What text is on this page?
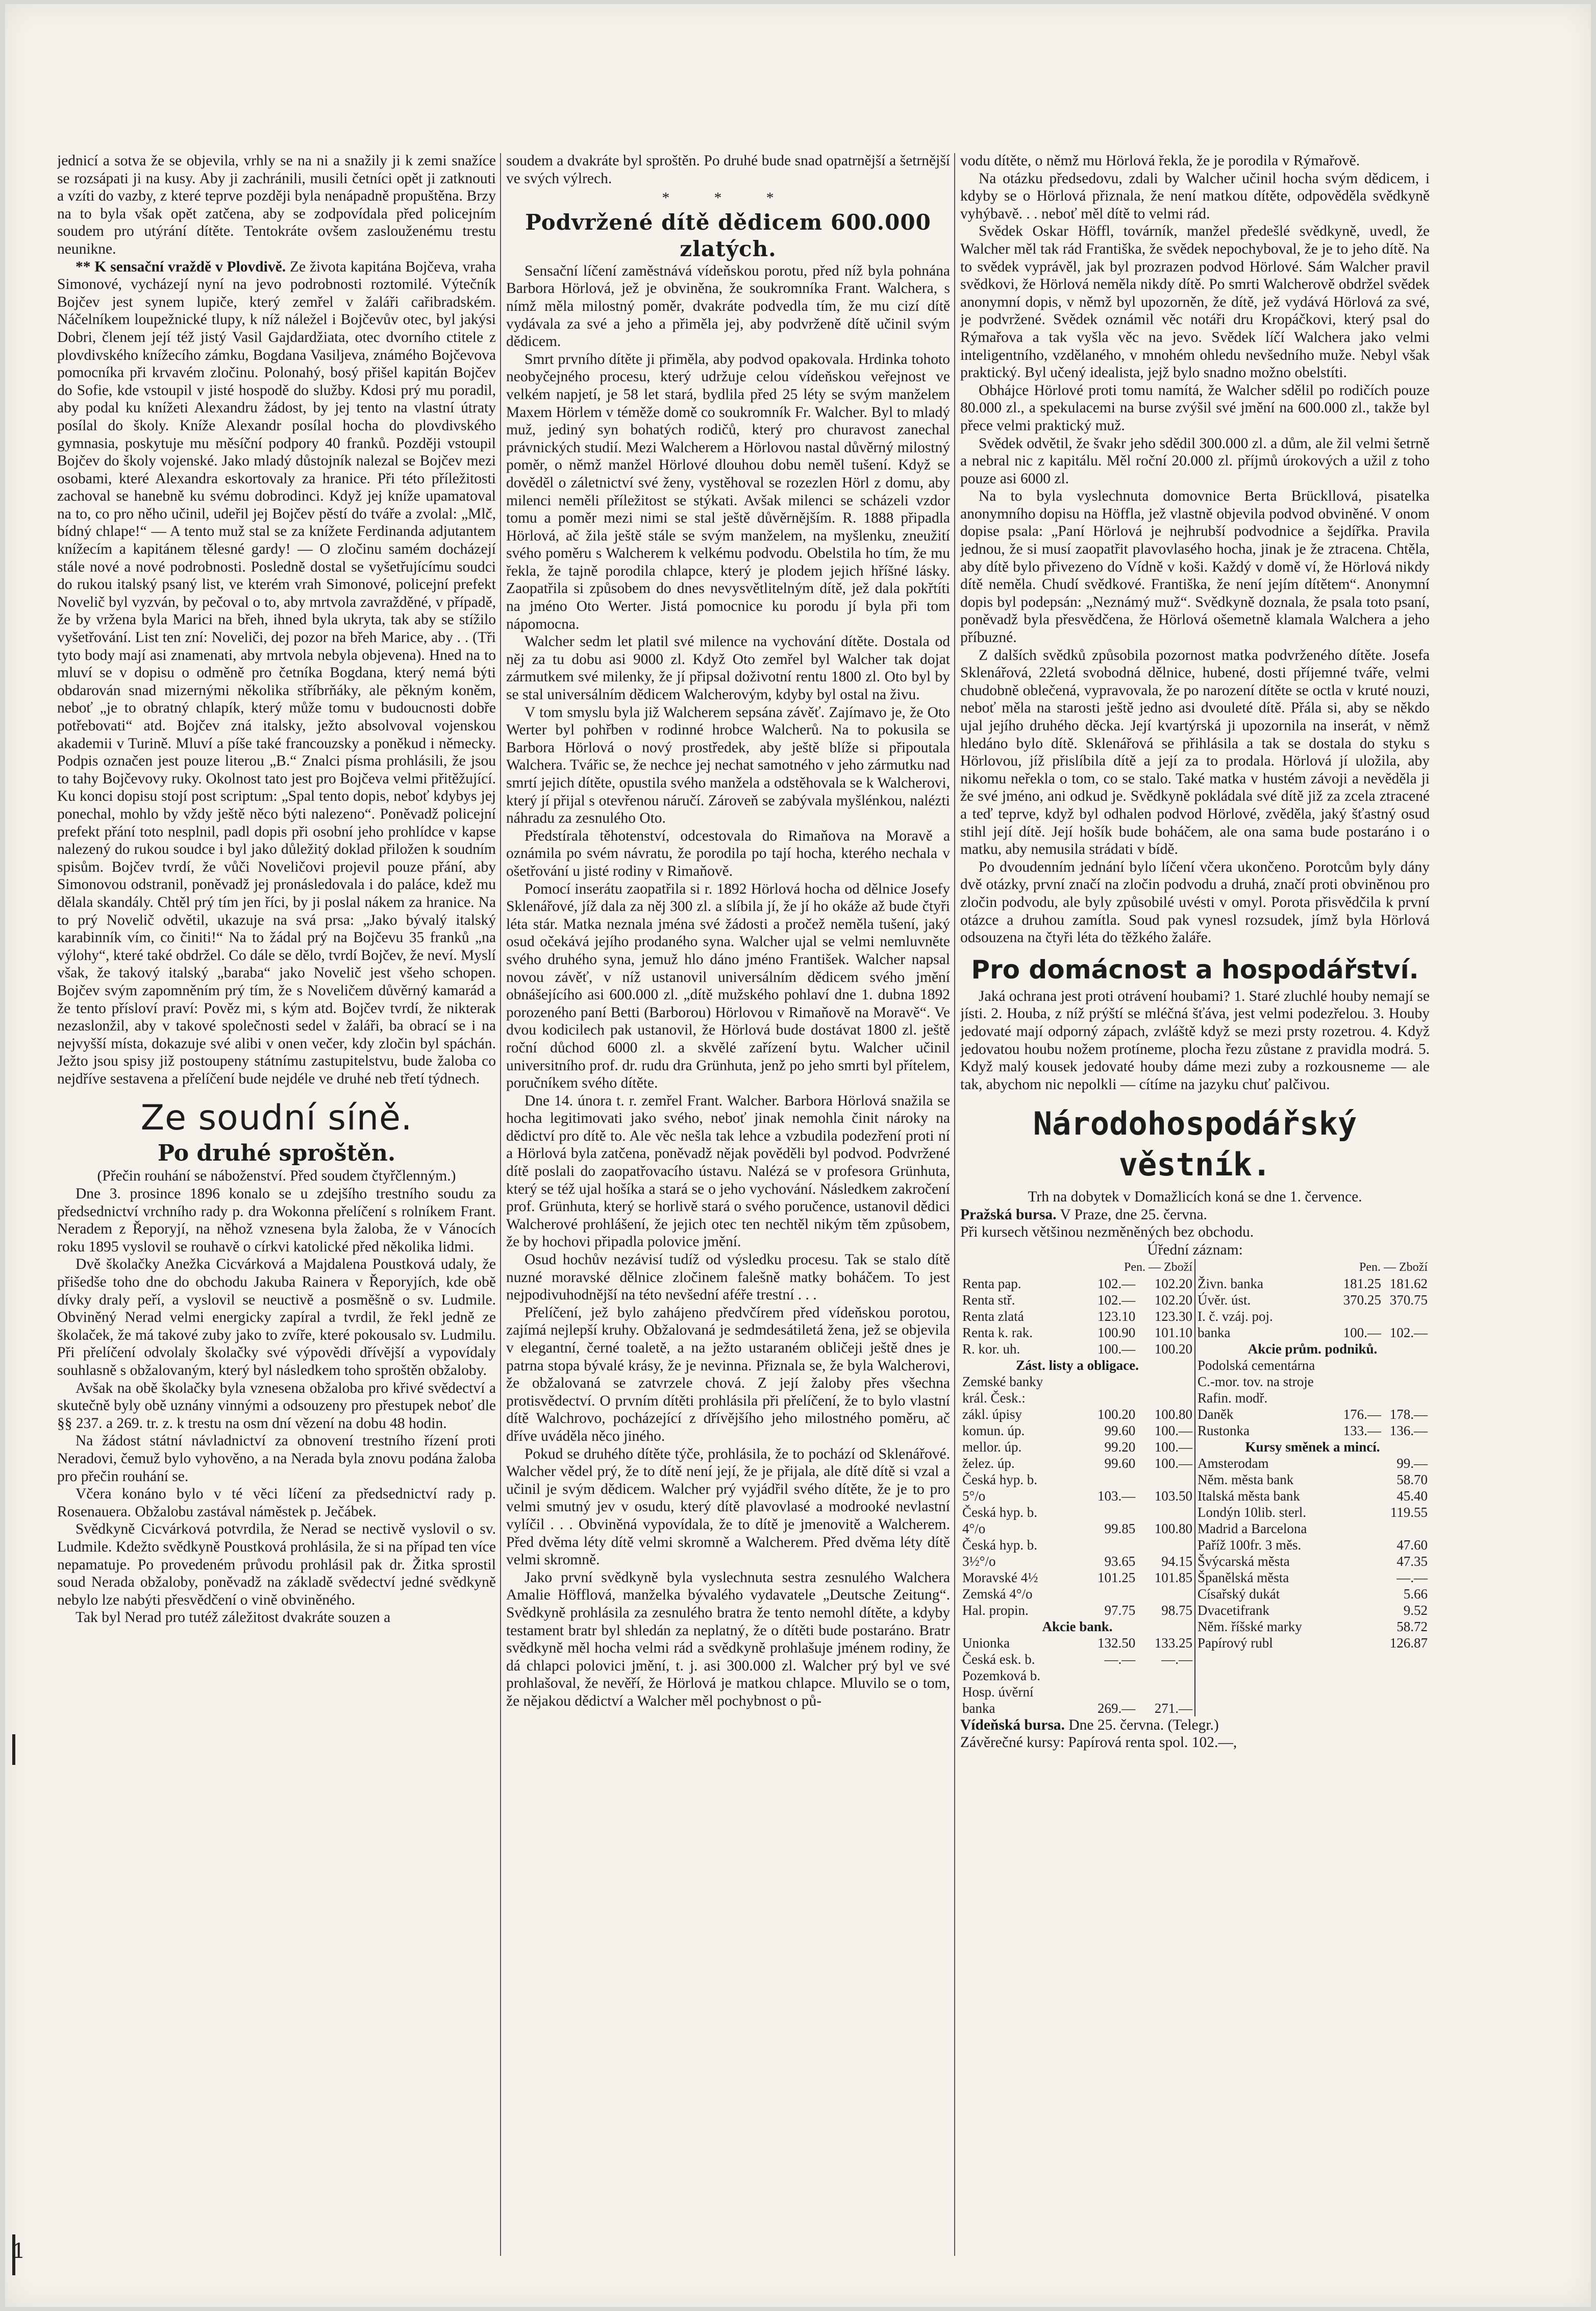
jednicí a sotva že se objevila, vrhly se na ni a snažily ji k zemi snažíce se rozsápati ji na kusy. Aby ji zachránili, musili četníci opět ji zatknouti a vzíti do vazby, z které teprve později byla nenápadně propuštěna. Brzy na to byla však opět zatčena, aby se zodpovídala před policejním soudem pro utýrání dítěte. Tentokráte ovšem zaslouženému trestu neunikne.

** K sensační vraždě v Plovdivě. Ze života kapitána Bojčeva, vraha Simonové, vycházejí nyní na jevo podrobnosti roztomilé. Výtečník Bojčev jest synem lupiče, který zemřel v žaláři cařibradském. Náčelníkem loupežnické tlupy, k níž náležel i Bojčevův otec, byl jakýsi Dobri, členem její též jistý Vasil Gajdardžiata, otec dvorního ctitele z plovdivského knížecího zámku, Bogdana Vasiljeva, známého Bojčevova pomocníka při krvavém zločinu. Polonahý, bosý přišel kapitán Bojčev do Sofie, kde vstoupil v jisté hospodě do služby. Kdosi prý mu poradil, aby podal ku knížeti Alexandru žádost, by jej tento na vlastní útraty posílal do školy. Kníže Alexandr posílal hocha do plovdivského gymnasia, poskytuje mu měsíční podpory 40 franků. Později vstoupil Bojčev do školy vojenské. Jako mladý důstojník nalezal se Bojčev mezi osobami, které Alexandra eskortovaly za hranice. Při této příležitosti zachoval se hanebně ku svému dobrodinci. Když jej kníže upamatoval na to, co pro něho učinil, udeřil jej Bojčev pěstí do tváře a zvolal: „Mlč, bídný chlape!“ — A tento muž stal se za knížete Ferdinanda adjutantem knížecím a kapitánem tělesné gardy! — O zločinu samém docházejí stále nové a nové podrobnosti. Posledně dostal se vyšetřujícímu soudci do rukou italský psaný list, ve kterém vrah Simonové, policejní prefekt Novelič byl vyzván, by pečoval o to, aby mrtvola zavražděné, v případě, že by vržena byla Marici na břeh, ihned byla ukryta, tak aby se stížilo vyšetřování. List ten zní: Noveliči, dej pozor na břeh Marice, aby . . (Tři tyto body mají asi znamenati, aby mrtvola nebyla objevena). Hned na to mluví se v dopisu o odměně pro četníka Bogdana, který nemá býti obdarován snad mizernými několika stříbrňáky, ale pěkným koněm, neboť „je to obratný chlapík, který může tomu v budoucnosti dobře potřebovati“ atd. Bojčev zná italsky, ježto absolvoval vojenskou akademii v Turině. Mluví a píše také francouzsky a poněkud i německy. Podpis označen jest pouze literou „B.“ Znalci písma prohlásili, že jsou to tahy Bojčevovy ruky. Okolnost tato jest pro Bojčeva velmi přitěžující. Ku konci dopisu stojí post scriptum: „Spal tento dopis, neboť kdybys jej ponechal, mohlo by vždy ještě něco býti nalezeno“. Poněvadž policejní prefekt přání toto nesplnil, padl dopis při osobní jeho prohlídce v kapse nalezený do rukou soudce i byl jako důležitý doklad přiložen k soudním spisům. Bojčev tvrdí, že vůči Noveličovi projevil pouze přání, aby Simonovou odstranil, poněvadž jej pronásledovala i do paláce, kdež mu dělala skandály. Chtěl prý tím jen říci, by ji poslal nákem za hranice. Na to prý Novelič odvětil, ukazuje na svá prsa: „Jako bývalý italský karabinník vím, co činiti!“ Na to žádal prý na Bojčevu 35 franků „na výlohy“, které také obdržel. Co dále se dělo, tvrdí Bojčev, že neví. Myslí však, že takový italský „baraba“ jako Novelič jest všeho schopen. Bojčev svým zapomněním prý tím, že s Noveličem důvěrný kamarád a že tento přísloví praví: Pověz mi, s kým atd. Bojčev tvrdí, že nikterak nezaslonžil, aby v takové společnosti sedel v žaláři, ba obrací se i na nejvyšší místa, dokazuje své alibi v onen večer, kdy zločin byl spáchán. Ježto jsou spisy již postoupeny státnímu zastupitelstvu, bude žaloba co nejdříve sestavena a přelíčení bude nejdéle ve druhé neb třetí týdnech.

Ze soudní síně.
Po druhé sproštěn.

(Přečin rouhání se náboženství. Před soudem čtyřčlenným.)

Dne 3. prosince 1896 konalo se u zdejšího trestního soudu za předsednictví vrchního rady p. dra Wokonna přelíčení s rolníkem Frant. Neradem z Řeporyjí, na něhož vznesena byla žaloba, že v Vánocích roku 1895 vyslovil se rouhavě o církvi katolické před několika lidmi.

Dvě školačky Anežka Cicvárková a Majdalena Poustková udaly, že přišedše toho dne do obchodu Jakuba Rainera v Řeporyjích, kde obě dívky draly peří, a vyslovil se neuctivě a posměšně o sv. Ludmile. Obviněný Nerad velmi energicky zapíral a tvrdil, že řekl jedně ze školaček, že má takové zuby jako to zvíře, které pokousalo sv. Ludmilu. Při přelíčení odvolaly školačky své výpovědi dřívější a vypovídaly souhlasně s obžalovaným, který byl následkem toho sproštěn obžaloby.

Avšak na obě školačky byla vznesena obžaloba pro křivé svědectví a skutečně byly obě uznány vinnými a odsouzeny pro přestupek neboť dle §§ 237. a 269. tr. z. k trestu na osm dní vězení na dobu 48 hodin.

Na žádost státní návladnictví za obnovení trestního řízení proti Neradovi, čemuž bylo vyhověno, a na Nerada byla znovu podána žaloba pro přečin rouhání se.

Včera konáno bylo v té věci líčení za předsednictví rady p. Rosenauera. Obžalobu zastával náměstek p. Ječábek.

Svědkyně Cicvárková potvrdila, že Nerad se nectivě vyslovil o sv. Ludmile. Kdežto svědkyně Poustková prohlásila, že si na případ ten více nepamatuje. Po provedeném průvodu prohlásil pak dr. Žitka sprostil soud Nerada obžaloby, poněvadž na základě svědectví jedné svědkyně nebylo lze nabýti přesvědčení o vině obviněného.

Tak byl Nerad pro tutéž záležitost dvakráte souzen a

soudem a dvakráte byl sproštěn. Po druhé bude snad opatrnější a šetrnější ve svých výlrech.

* * *

Podvržené dítě dědicem 600.000 zlatých.

Sensační líčení zaměstnává vídeňskou porotu, před níž byla pohnána Barbora Hörlová, jež je obviněna, že soukromníka Frant. Walchera, s nímž měla milostný poměr, dvakráte podvedla tím, že mu cizí dítě vydávala za své a jeho a přiměla jej, aby podvrženě dítě učinil svým dědicem.

Smrt prvního dítěte ji přiměla, aby podvod opakovala. Hrdinka tohoto neobyčejného procesu, který udržuje celou vídeňskou veřejnost ve velkém napjetí, je 58 let stará, bydlila před 25 léty se svým manželem Maxem Hörlem v téměže domě co soukromník Fr. Walcher. Byl to mladý muž, jediný syn bohatých rodičů, který pro churavost zanechal právnických studií. Mezi Walcherem a Hörlovou nastal důvěrný milostný poměr, o němž manžel Hörlové dlouhou dobu neměl tušení. Když se dověděl o záletnictví své ženy, vystěhoval se rozezlen Hörl z domu, aby milenci neměli příležitost se stýkati. Avšak milenci se scházeli vzdor tomu a poměr mezi nimi se stal ještě důvěrnějším. R. 1888 připadla Hörlová, ač žila ještě stále se svým manželem, na myšlenku, zneužití svého poměru s Walcherem k velkému podvodu. Obelstila ho tím, že mu řekla, že tajně porodila chlapce, který je plodem jejich hříšné lásky. Zaopatřila si způsobem do dnes nevysvětlitelným dítě, jež dala pokřtíti na jméno Oto Werter. Jistá pomocnice ku porodu jí byla při tom nápomocna.

Walcher sedm let platil své milence na vychování dítěte. Dostala od něj za tu dobu asi 9000 zl. Když Oto zemřel byl Walcher tak dojat zármutkem své milenky, že jí připsal doživotní rentu 1800 zl. Oto byl by se stal universálním dědicem Walcherovým, kdyby byl ostal na živu.

V tom smyslu byla již Walcherem sepsána závěť. Zajímavo je, že Oto Werter byl pohřben v rodinné hrobce Walcherů. Na to pokusila se Barbora Hörlová o nový prostředek, aby ještě blíže si připoutala Walchera. Tvářic se, že nechce jej nechat samotného v jeho zármutku nad smrtí jejich dítěte, opustila svého manžela a odstěhovala se k Walcherovi, který jí přijal s otevřenou náručí. Zároveň se zabývala myšlénkou, nalézti náhradu za zesnulého Oto.

Předstírala těhotenství, odcestovala do Rimaňova na Moravě a oznámila po svém návratu, že porodila po tají hocha, kterého nechala v ošetřování u jisté rodiny v Rimaňově.

Pomocí inserátu zaopatřila si r. 1892 Hörlová hocha od dělnice Josefy Sklenářové, jíž dala za něj 300 zl. a slíbila jí, že jí ho okáže až bude čtyři léta stár. Matka neznala jména své žádosti a pročež neměla tušení, jaký osud očekává jejího prodaného syna. Walcher ujal se velmi nemluvněte svého druhého syna, jemuž hlo dáno jméno František. Walcher napsal novou závěť, v níž ustanovil universálním dědicem svého jmění obnášejícího asi 600.000 zl. „dítě mužského pohlaví dne 1. dubna 1892 porozeného paní Betti (Barborou) Hörlovou v Rimaňově na Moravě“. Ve dvou kodicilech pak ustanovil, že Hörlová bude dostávat 1800 zl. ještě roční důchod 6000 zl. a skvělé zařízení bytu. Walcher učinil universitního prof. dr. rudu dra Grünhuta, jenž po jeho smrti byl přítelem, poručníkem svého dítěte.

Dne 14. února t. r. zemřel Frant. Walcher. Barbora Hörlová snažila se hocha legitimovati jako svého, neboť jinak nemohla činit nároky na dědictví pro dítě to. Ale věc nešla tak lehce a vzbudila podezření proti ní a Hörlová byla zatčena, poněvadž nějak pověděli byl podvod. Podvržené dítě poslali do zaopatřovacího ústavu. Nalézá se v profesora Grünhuta, který se též ujal hošíka a stará se o jeho vychování. Následkem zakročení prof. Grünhuta, který se horlivě stará o svého poručence, ustanovil dědici Walcherové prohlášení, že jejich otec ten nechtěl nikým těm způsobem, že by hochovi připadla polovice jmění.

Osud hochův nezávisí tudíž od výsledku procesu. Tak se stalo dítě nuzné moravské dělnice zločinem falešně matky boháčem. To jest nejpodivuhodnější na této nevšední aféře trestní . . .

Přelíčení, jež bylo zahájeno předvčírem před vídeňskou porotou, zajímá nejlepší kruhy. Obžalovaná je sedmdesátiletá žena, jež se objevila v elegantní, černé toaletě, a na ježto ustaraném obličeji ještě dnes je patrna stopa bývalé krásy, že je nevinna. Přiznala se, že byla Walcherovi, že obžalovaná se zatvrzele chová. Z její žaloby přes všechna protisvědectví. O prvním dítěti prohlásila při přelíčení, že to bylo vlastní dítě Walchrovo, pocházející z dřívějšího jeho milostného poměru, ač dříve uváděla něco jiného.

Pokud se druhého dítěte týče, prohlásila, že to pochází od Sklenářové. Walcher vědel prý, že to dítě není její, že je přijala, ale dítě dítě si vzal a učinil je svým dědicem. Walcher prý vyjádřil svého dítěte, že je to pro velmi smutný jev v osudu, který dítě plavovlasé a modrooké nevlastní vylíčil . . . Obviněná vypovídala, že to dítě je jmenovitě a Walcherem. Před dvěma léty dítě velmi skromně a Walcherem. Před dvěma léty dítě velmi skromně.

Jako první svědkyně byla vyslechnuta sestra zesnulého Walchera Amalie Höfflová, manželka bývalého vydavatele „Deutsche Zeitung“. Svědkyně prohlásila za zesnulého bratra že tento nemohl dítěte, a kdyby testament bratr byl shledán za neplatný, že o dítěti bude postaráno. Bratr svědkyně měl hocha velmi rád a svědkyně prohlašuje jménem rodiny, že dá chlapci polovici jmění, t. j. asi 300.000 zl. Walcher prý byl ve své prohlašoval, že nevěří, že Hörlová je matkou chlapce. Mluvilo se o tom, že nějakou dědictví a Walcher měl pochybnost o pů-

vodu dítěte, o němž mu Hörlová řekla, že je porodila v Rýmařově.

Na otázku předsedovu, zdali by Walcher učinil hocha svým dědicem, i kdyby se o Hörlová přiznala, že není matkou dítěte, odpověděla svědkyně vyhýbavě. . . neboť měl dítě to velmi rád.

Svědek Oskar Höffl, továrník, manžel předešlé svědkyně, uvedl, že Walcher měl tak rád Františka, že svědek nepochyboval, že je to jeho dítě. Na to svědek vyprávěl, jak byl prozrazen podvod Hörlové. Sám Walcher pravil svědkovi, že Hörlová neměla nikdy dítě. Po smrti Walcherově obdržel svědek anonymní dopis, v němž byl upozorněn, že dítě, jež vydává Hörlová za své, je podvržené. Svědek oznámil věc notáři dru Kropáčkovi, který psal do Rýmařova a tak vyšla věc na jevo. Svědek líčí Walchera jako velmi inteligentního, vzdělaného, v mnohém ohledu nevšedního muže. Nebyl však praktický. Byl učený idealista, jejž bylo snadno možno obelstíti.

Obhájce Hörlové proti tomu namítá, že Walcher sdělil po rodičích pouze 80.000 zl., a spekulacemi na burse zvýšil své jmění na 600.000 zl., takže byl přece velmi praktický muž.

Svědek odvětil, že švakr jeho sdědil 300.000 zl. a dům, ale žil velmi šetrně a nebral nic z kapitálu. Měl roční 20.000 zl. příjmů úrokových a užil z toho pouze asi 6000 zl.

Na to byla vyslechnuta domovnice Berta Brückllová, pisatelka anonymního dopisu na Höfflа, jež vlastně objevila podvod obviněné. V onom dopise psala: „Paní Hörlová je nejhrubší podvodnice a šejdířka. Pravila jednou, že si musí zaopatřit plavovlasého hocha, jinak je že ztracena. Chtěla, aby dítě bylo přivezeno do Vídně v koši. Každý v domě ví, že Hörlová nikdy dítě neměla. Chudí svědkové. Františka, že není jejím dítětem“. Anonymní dopis byl podepsán: „Neznámý muž“. Svědkyně doznala, že psala toto psaní, poněvadž byla přesvědčena, že Hörlová ošemetně klamala Walchera a jeho příbuzné.

Z dalších svědků způsobila pozornost matka podvrženého dítěte. Josefa Sklenářová, 22letá svobodná dělnice, hubené, dosti příjemné tváře, velmi chudobně oblečená, vypravovala, že po narození dítěte se octla v kruté nouzi, neboť měla na starosti ještě jedno asi dvouleté dítě. Přála si, aby se někdo ujal jejího druhého děcka. Její kvartýrská ji upozornila na inserát, v němž hledáno bylo dítě. Sklenářová se přihlásila a tak se dostala do styku s Hörlovou, jíž přislíbila dítě a její za to prodala. Hörlová jí uložila, aby nikomu neřekla o tom, co se stalo. Také matka v hustém závoji a nevěděla ji že své jméno, ani odkud je. Svědkyně pokládala své dítě již za zcela ztracené a teď teprve, když byl odhalen podvod Hörlové, zvěděla, jaký šťastný osud stihl její dítě. Její hošík bude boháčem, ale ona sama bude postaráno i o matku, aby nemusila strádati v bídě.

Po dvoudenním jednání bylo líčení včera ukončeno. Porotcům byly dány dvě otázky, první značí na zločin podvodu a druhá, značí proti obviněnou pro zločin podvodu, ale byly způsobilé uvésti v omyl. Porota přisvědčila k první otázce a druhou zamítla. Soud pak vynesl rozsudek, jímž byla Hörlová odsouzena na čtyři léta do těžkého žaláře.

Pro domácnost a hospodářství.

Jaká ochrana jest proti otrávení houbami? 1. Staré zluchlé houby nemají se jísti. 2. Houba, z níž prýští se mléčná šťáva, jest velmi podezřelou. 3. Houby jedovaté mají odporný zápach, zvláště když se mezi prsty rozetrou. 4. Když jedovatou houbu nožem protíneme, plocha řezu zůstane z pravidla modrá. 5. Když malý kousek jedovaté houby dáme mezi zuby a rozkousneme — ale tak, abychom nic nepolkli — cítíme na jazyku chuť palčivou.

Národohospodářský věstník.

Trh na dobytek v Domažlicích koná se dne 1. července.

Pražská bursa. V Praze, dne 25. června.

Při kursech většinou nezměněných bez obchodu.

Úřední záznam:

	Pen. — Zboží
Renta pap.	102.—	102.20
Renta stř.	102.—	102.20
Renta zlatá	123.10	123.30
Renta k. rak.	100.90	101.10
R. kor. uh.	100.—	100.20
Zást. listy a obligace.
Zemské banky		
král. Česk.:		
zákl. úpisy	100.20	100.80
komun. úp.	99.60	100.—
mellor. úp.	99.20	100.—
želez. úp.	99.60	100.—
Česká hyp. b.		
5°/o	103.—	103.50
Česká hyp. b.		
4°/o	99.85	100.80
Česká hyp. b.		
3½°/o	93.65	94.15
Moravské 4½	101.25	101.85
Zemská 4°/o		
Hal. propin.	97.75	98.75
Akcie bank.
Unionka	132.50	133.25
Česká esk. b.	—.—	—.—
Pozemková b.		
Hosp. úvěrní		
banka	269.—	271.—

	Pen. — Zboží
Živn. banka	181.25	181.62
Úvěr. úst.	370.25	370.75
I. č. vzáj. poj.		
banka	100.—	102.—
Akcie prům. podniků.
Podolská cementárna		
C.-mor. tov. na stroje		
Rafin. modř.		
Daněk	176.—	178.—
Rustonka	133.—	136.—
Kursy směnek a mincí.
Amsterodam		99.—
Něm. města bank		58.70
Italská města bank		45.40
Londýn 10lib. sterl.		119.55
Madrid a Barcelona		
Paříž 100fr. 3 měs.		47.60
Švýcarská města		47.35
Španělská města		—.—
Císařský dukát		5.66
Dvacetifrank		9.52
Něm. říšské marky		58.72
Papírový rubl		126.87

Vídeňská bursa. Dne 25. června. (Telegr.)

Závěrečné kursy: Papírová renta spol. 102.—,

1
